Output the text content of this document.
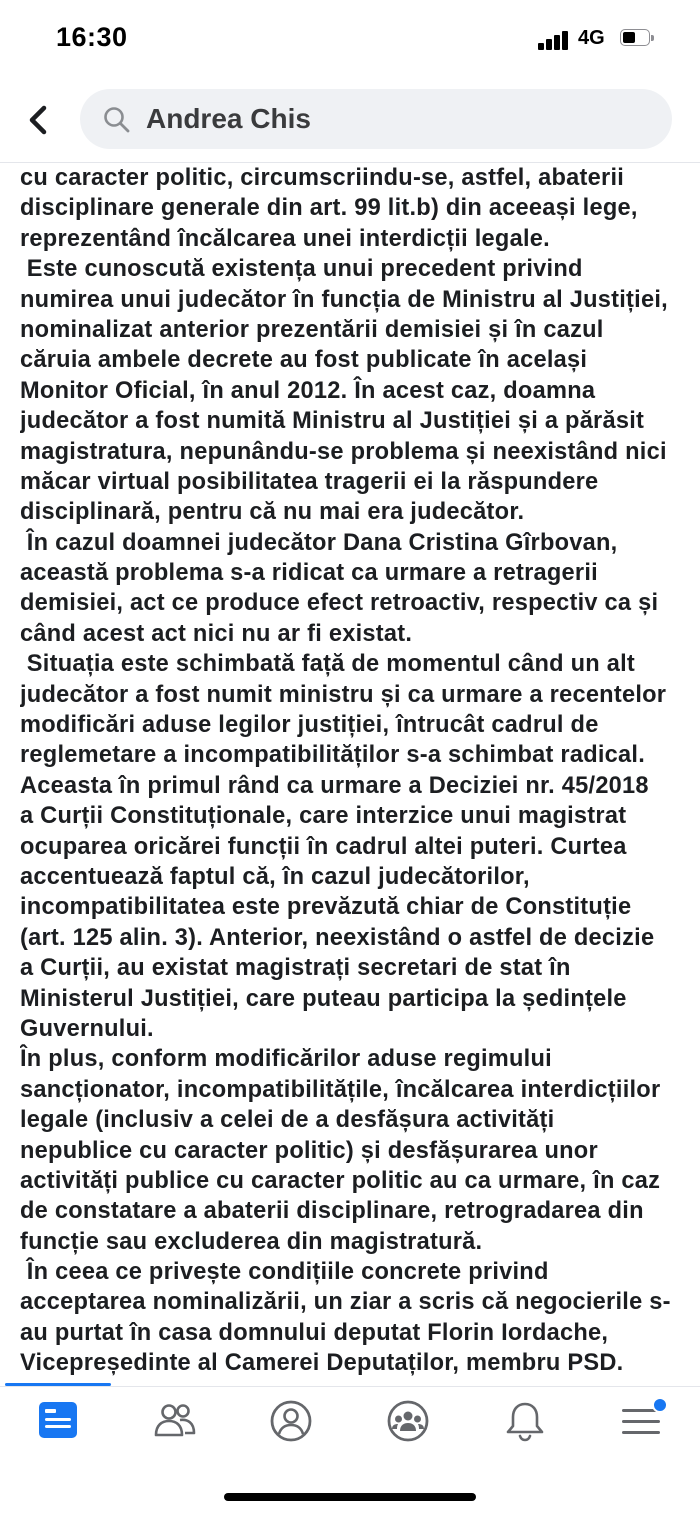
16:30	4G
Andrea Chis
cu caracter politic, circumscriindu-se, astfel, abaterii
disciplinare generale din art. 99 lit.b) din aceeași lege,
reprezentând încălcarea unei interdicții legale.
Este cunoscută existența unui precedent privind
numirea unui judecător în funcția de Ministru al Justiției,
nominalizat anterior prezentării demisiei și în cazul
căruia ambele decrete au fost publicate în același
Monitor Oficial, în anul 2012. În acest caz, doamna
judecător a fost numită Ministru al Justiției și a părăsit
magistratura, nepunându-se problema și neexistând nici
măcar virtual posibilitatea tragerii ei la răspundere
disciplinară, pentru că nu mai era judecător.
În cazul doamnei judecător Dana Cristina Gîrbovan,
această problema s-a ridicat ca urmare a retragerii
demisiei, act ce produce efect retroactiv, respectiv ca și
când acest act nici nu ar fi existat.
Situația este schimbată față de momentul când un alt
judecător a fost numit ministru și ca urmare a recentelor
modificări aduse legilor justiției, întrucât cadrul de
reglemetare a incompatibilităților s-a schimbat radical.
Aceasta în primul rând ca urmare a Deciziei nr. 45/2018
a Curții Constituționale, care interzice unui magistrat
ocuparea oricărei funcții în cadrul altei puteri. Curtea
accentuează faptul că, în cazul judecătorilor,
incompatibilitatea este prevăzută chiar de Constituție
(art. 125 alin. 3). Anterior, neexistând o astfel de decizie
a Curții, au existat magistrați secretari de stat în
Ministerul Justiției, care puteau participa la ședințele
Guvernului.
În plus, conform modificărilor aduse regimului
sancționator, incompatibilitățile, încălcarea interdicțiilor
legale (inclusiv a celei de a desfășura activități
nepublice cu caracter politic) și desfășurarea unor
activități publice cu caracter politic au ca urmare, în caz
de constatare a abaterii disciplinare, retrogradarea din
funcție sau excluderea din magistratură.
În ceea ce privește condițiile concrete privind
acceptarea nominalizării, un ziar a scris că negocierile s-
au purtat în casa domnului deputat Florin Iordache,
Vicepreședinte al Camerei Deputaților, membru PSD.
